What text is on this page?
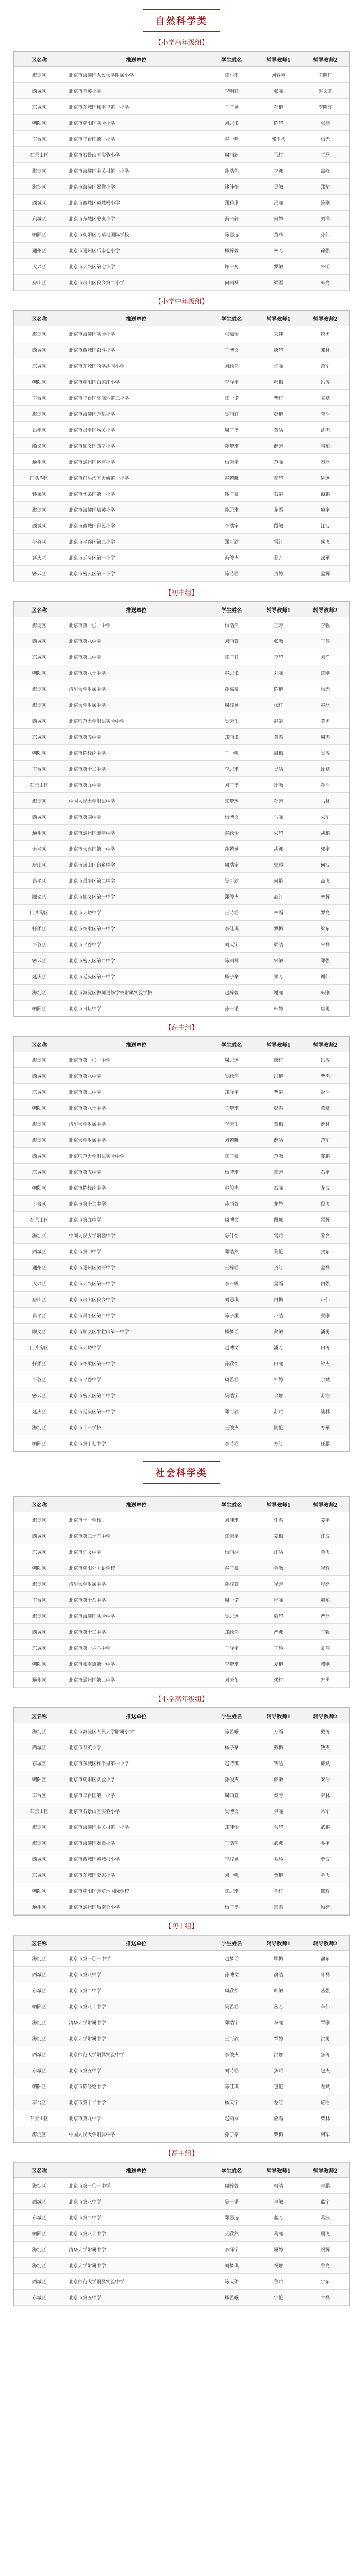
自然科学类
【小学高年级组】
区名称	推送单位	学生姓名	辅导教师1	辅导教师2
海淀区	北京市海淀区人民大学附属小学	陈小雨	刘春燕	王晓红
西城区	北京市育英小学	李明轩	张丽	赵文杰
东城区	北京市东城区和平里第一小学	王子涵	孙艳	李晓东
朝阳区	北京市朝阳区实验小学	刘思彤	陈静	张楠
丰台区	北京市丰台区第一小学	赵一鸣	郭玉梅	杨光
石景山区	北京市石景山区实验小学	周雨欣	马红	王磊
海淀区	北京市海淀区中关村第一小学	孙浩然	李娜	高峰
海淀区	北京市海淀区翠微小学	钱佳怡	吴敏	郑华
西城区	北京市西城区黄城根小学	郑雅琪	冯丽	陈刚
东城区	北京市东城区史家小学	冯子轩	何静	刘洋
朝阳区	北京市朝阳区芳草地国际学校	陈思远	黄燕	孙伟
通州区	北京市通州区后南仓小学	杨梓萱	林芳	徐强
大兴区	北京市大兴区第七小学	许一凡	罗敏	朱明
房山区	北京市房山区良乡第二小学	何雨桐	梁雪	韩亮
【小学中年级组】
区名称	推送单位	学生姓名	辅导教师1	辅导教师2
海淀区	北京市海淀区实验小学	张嘉怡	宋佳	唐勇
西城区	北京市西城区奋斗小学	王博文	唐静	邓林
东城区	北京市东城区府学胡同小学	刘欣然	许丽	萧军
朝阳区	北京市朝阳区白家庄小学	李泽宇	韩梅	冯涛
丰台区	北京市丰台区东高地第三小学	陈一诺	曹红	袁斌
海淀区	北京市海淀区万泉小学	吴雨轩	彭艳	蒋浩
昌平区	北京市昌平区城关小学	周子墨	董洁	沈杰
顺义区	北京市顺义区西辛小学	孙梦琪	薛芳	韦东
通州区	北京市通州区运河小学	杨天宇	范丽	秦磊
门头沟区	北京市门头沟区大峪第一小学	赵若曦	邹静	姚远
怀柔区	北京市怀柔区第一小学	钱子豪	石娟	谭鹏
海淀区	北京市海淀区培英小学	孙思琪	龙霞	廖宇
西城区	北京市西城区育民小学	李浩宇	段敏	江波
平谷区	北京市平谷区第二小学	郑可欣	雷红	侯飞
延庆区	北京市延庆区第一小学	冯俊杰	黎芳	邵军
密云区	北京市密云区第三小学	陈诗涵	贺静	孟辉
【初中组】
区名称	推送单位	学生姓名	辅导教师1	辅导教师2
海淀区	北京市第一〇一中学	杨浩然	王芳	李强
西城区	北京市第八中学	刘雨萱	张敏	王伟
东城区	北京市第二中学	陈子轩	李静	刘洋
朝阳区	北京市第八十中学	赵思彤	刘丽	陈刚
海淀区	清华大学附属中学	孙嘉豪	陈艳	杨光
海淀区	北京大学附属中学	周梓涵	杨红	赵磊
西城区	北京师范大学附属实验中学	吴天佑	赵娟	黄勇
东城区	北京市第五中学	郑雨彤	黄霞	周杰
朝阳区	北京市陈经纶中学	王一帆	周梅	吴涛
丰台区	北京市第十二中学	李思琪	吴洁	徐斌
石景山区	北京市第九中学	刘子墨	徐敏	孙浩
海淀区	中国人民大学附属中学	陈梦瑶	孙芳	马林
西城区	北京市第四中学	杨博文	马丽	朱军
通州区	北京市通州区潞河中学	赵欣怡	朱静	胡鹏
大兴区	北京市大兴区第一中学	孙若涵	胡娜	郭宇
房山区	北京市房山区良乡中学	周浩宇	郭玲	何波
昌平区	北京市昌平区第二中学	吴可欣	何艳	高飞
顺义区	北京市顺义区第一中学	郑俊杰	高红	林辉
门头沟区	北京市大峪中学	王诗涵	林霞	罗亮
怀柔区	北京市怀柔区第一中学	李佳琪	罗梅	梁东
平谷区	北京市平谷中学	刘天宇	梁洁	宋磊
密云区	北京市密云区第二中学	陈雨桐	宋敏	郑强
延庆区	北京市延庆区第一中学	杨子豪	郑芳	谢伟
海淀区	北京市海淀区教师进修学校附属实验学校	赵梓萱	谢丽	韩刚
朝阳区	北京市日坛中学	孙一诺	韩静	唐勇
【高中组】
区名称	推送单位	学生姓名	辅导教师1	辅导教师2
海淀区	北京市第一〇一中学	周思远	唐红	冯涛
西城区	北京市第八中学	吴欣然	冯艳	曹杰
东城区	北京市第二中学	郑泽宇	曹娟	彭浩
朝阳区	北京市第八十中学	王梦琪	彭霞	董斌
海淀区	清华大学附属中学	李天佑	董梅	薛林
海淀区	北京大学附属中学	刘若曦	薛洁	范军
西城区	北京师范大学附属实验中学	陈子豪	范敏	邹鹏
东城区	北京市第五中学	杨诗琪	邹芳	石宇
朝阳区	北京市陈经纶中学	赵俊杰	石丽	龙波
丰台区	北京市第十二中学	孙雨萱	龙静	段飞
石景山区	北京市第九中学	周博文	段娜	雷辉
海淀区	中国人民大学附属中学	吴佳怡	雷玲	黎亮
西城区	北京市第四中学	郑浩然	黎艳	贺东
通州区	北京市通州区潞河中学	王梓涵	贺红	孟磊
大兴区	北京市大兴区第一中学	李一帆	孟霞	白强
房山区	北京市房山区良乡中学	刘思琪	白梅	卢伟
昌平区	北京市昌平区第二中学	陈子墨	卢洁	蔡刚
顺义区	北京市顺义区牛栏山第一中学	杨梦瑶	蔡敏	潘勇
门头沟区	北京市大峪中学	赵博文	潘芳	田涛
怀柔区	北京市怀柔区第一中学	孙欣怡	田丽	钟杰
平谷区	北京市平谷中学	周若涵	钟静	余斌
密云区	北京市密云区第二中学	吴浩宇	余娜	苏浩
延庆区	北京市延庆区第一中学	郑可欣	苏玲	陆林
海淀区	北京市十一学校	王俊杰	陆艳	方军
朝阳区	北京市第十七中学	李诗涵	方红	任鹏
社会科学类
区名称	推送单位	学生姓名	辅导教师1	辅导教师2
海淀区	北京市十一学校	刘佳琪	任霞	姜宇
西城区	北京市第三十五中学	陈天宇	姜梅	汪波
东城区	北京市汇文中学	杨雨桐	汪洁	金飞
朝阳区	北京市朝阳外国语学校	赵子豪	金敏	崔辉
海淀区	清华大学附属中学	孙梓萱	崔芳	程亮
丰台区	北京市第十八中学	周一诺	程丽	魏东
海淀区	北京市海淀区实验中学	吴思远	魏静	严磊
西城区	北京市第十三中学	郑欣然	严娜	丁强
东城区	北京市第一六六中学	王泽宇	丁玲	夏伟
朝阳区	北京市和平街第一中学	李梦琪	夏艳	赖刚
通州区	北京市通州区第二中学	刘天佑	赖红	万勇
【小学高年级组】
区名称	推送单位	学生姓名	辅导教师1	辅导教师2
海淀区	北京市海淀区人民大学附属小学	陈若曦	万霞	戴涛
西城区	北京市育英小学	杨子豪	戴梅	钱杰
东城区	北京市东城区和平里第一小学	赵诗琪	钱洁	邱斌
朝阳区	北京市朝阳区实验小学	孙俊杰	邱敏	秦浩
丰台区	北京市丰台区第一小学	周雨萱	秦芳	尹林
石景山区	北京市石景山区实验小学	吴博文	尹丽	常军
海淀区	北京市海淀区中关村第一小学	郑佳怡	常静	武鹏
海淀区	北京市海淀区翠微小学	王浩然	武娜	乔宇
西城区	北京市西城区黄城根小学	李梓涵	乔玲	贾波
东城区	北京市东城区史家小学	刘一帆	贾艳	毛飞
朝阳区	北京市朝阳区芳草地国际学校	陈思琪	毛红	邢辉
通州区	北京市通州区后南仓小学	杨子墨	邢霞	顾亮
【初中组】
区名称	推送单位	学生姓名	辅导教师1	辅导教师2
海淀区	北京市第一〇一中学	赵梦瑶	顾梅	俞东
西城区	北京市第八中学	孙博文	俞洁	叶磊
东城区	北京市第二中学	周欣怡	叶敏	丛强
朝阳区	北京市第八十中学	吴若涵	丛芳	车伟
海淀区	清华大学附属中学	郑浩宇	车丽	覃刚
海淀区	北京大学附属中学	王可欣	覃静	洪勇
西城区	北京师范大学附属实验中学	李俊杰	洪娜	焦涛
东城区	北京市第五中学	刘诗涵	焦玲	包杰
朝阳区	北京市陈经纶中学	陈佳琪	包艳	左斌
丰台区	北京市第十二中学	杨天宇	左红	应浩
石景山区	北京市第九中学	赵雨桐	应霞	柴林
海淀区	中国人民大学附属中学	孙子豪	柴梅	柯军
【高中组】
区名称	推送单位	学生姓名	辅导教师1	辅导教师2
海淀区	北京市第一〇一中学	周梓萱	柯洁	卓鹏
西城区	北京市第八中学	吴一诺	卓敏	蓝宇
东城区	北京市第二中学	郑思远	蓝芳	葛波
朝阳区	北京市第八十中学	王欣然	葛丽	屈飞
海淀区	清华大学附属中学	李泽宇	屈静	祝辉
海淀区	北京大学附属中学	刘梦琪	祝娜	鲁亮
西城区	北京师范大学附属实验中学	陈天佑	鲁玲	宁东
东城区	北京市第五中学	杨若曦	宁艳	甘磊
